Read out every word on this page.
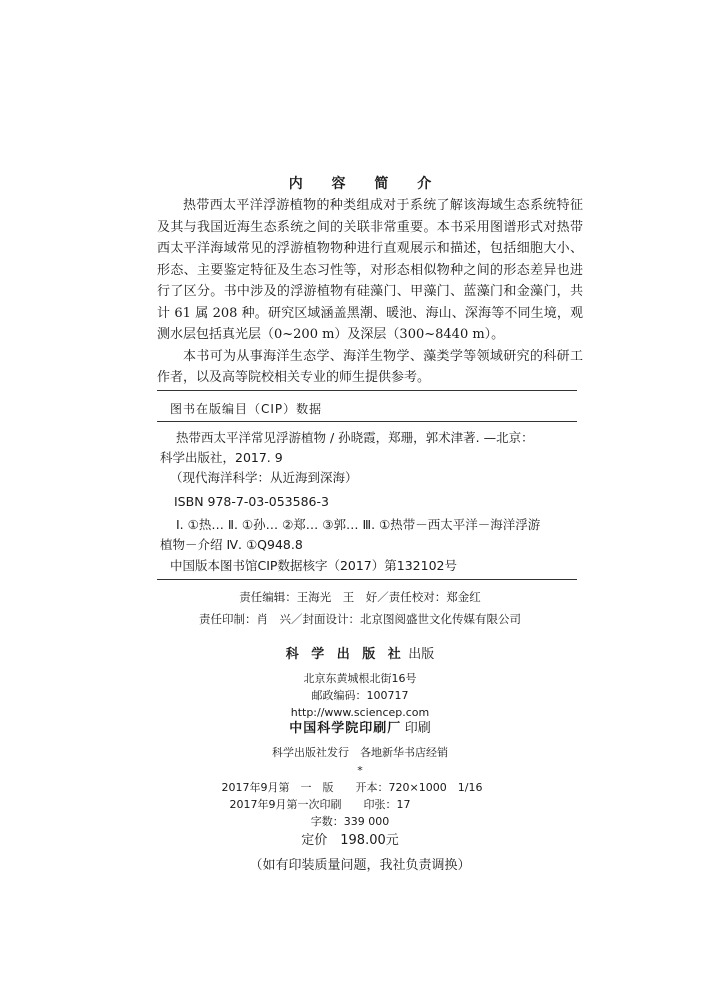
内 容 简 介

热带西太平洋浮游植物的种类组成对于系统了解该海域生态系统特征及其与我国近海生态系统之间的关联非常重要。本书采用图谱形式对热带西太平洋海域常见的浮游植物物种进行直观展示和描述，包括细胞大小、形态、主要鉴定特征及生态习性等，对形态相似物种之间的形态差异也进行了区分。书中涉及的浮游植物有硅藻门、甲藻门、蓝藻门和金藻门，共计 61 属 208 种。研究区域涵盖黑潮、暖池、海山、深海等不同生境，观测水层包括真光层（0~200 m）及深层（300~8440 m）。

本书可为从事海洋生态学、海洋生物学、藻类学等领域研究的科研工作者，以及高等院校相关专业的师生提供参考。

图书在版编目（CIP）数据
热带西太平洋常见浮游植物 / 孙晓霞，郑珊，郭术津著. —北京：
科学出版社，2017. 9
（现代海洋科学：从近海到深海）
ISBN 978-7-03-053586-3
Ⅰ. ①热… Ⅱ. ①孙… ②郑… ③郭… Ⅲ. ①热带－西太平洋－海洋浮游
植物－介绍 Ⅳ. ①Q948.8
中国版本图书馆CIP数据核字（2017）第132102号
责任编辑：王海光　王　好／责任校对：郑金红
责任印制：肖　兴／封面设计：北京图阅盛世文化传媒有限公司
科 学 出 版 社 出版
北京东黄城根北街16号
邮政编码：100717
http://www.sciencep.com
中国科学院印刷厂 印刷
科学出版社发行　各地新华书店经销
*
2017年9月第　一　版　　开本：720×1000　1/16
2017年9月第一次印刷　　印张：17
字数：339 000
定价　198.00元
（如有印装质量问题，我社负责调换）
